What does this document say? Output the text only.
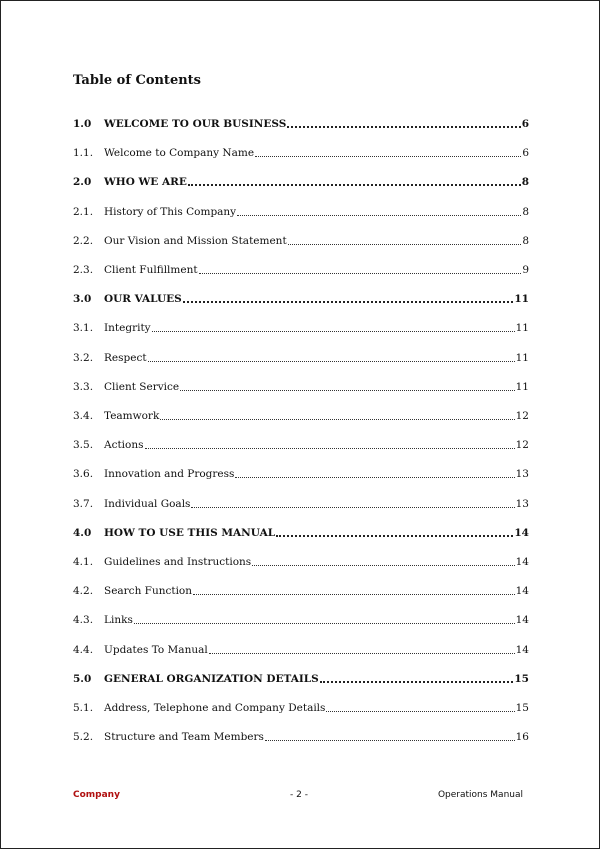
Table of Contents
1.0	WELCOME TO OUR BUSINESS	6
1.1.	Welcome to Company Name	6
2.0	WHO WE ARE	8
2.1.	History of This Company	8
2.2.	Our Vision and Mission Statement	8
2.3.	Client Fulfillment	9
3.0	OUR VALUES	11
3.1.	Integrity	11
3.2.	Respect	11
3.3.	Client Service	11
3.4.	Teamwork	12
3.5.	Actions	12
3.6.	Innovation and Progress	13
3.7.	Individual Goals	13
4.0	HOW TO USE THIS MANUAL	14
4.1.	Guidelines and Instructions	14
4.2.	Search Function	14
4.3.	Links	14
4.4.	Updates To Manual	14
5.0	GENERAL ORGANIZATION DETAILS	15
5.1.	Address, Telephone and Company Details	15
5.2.	Structure and Team Members	16
Company	- 2 -	Operations Manual
